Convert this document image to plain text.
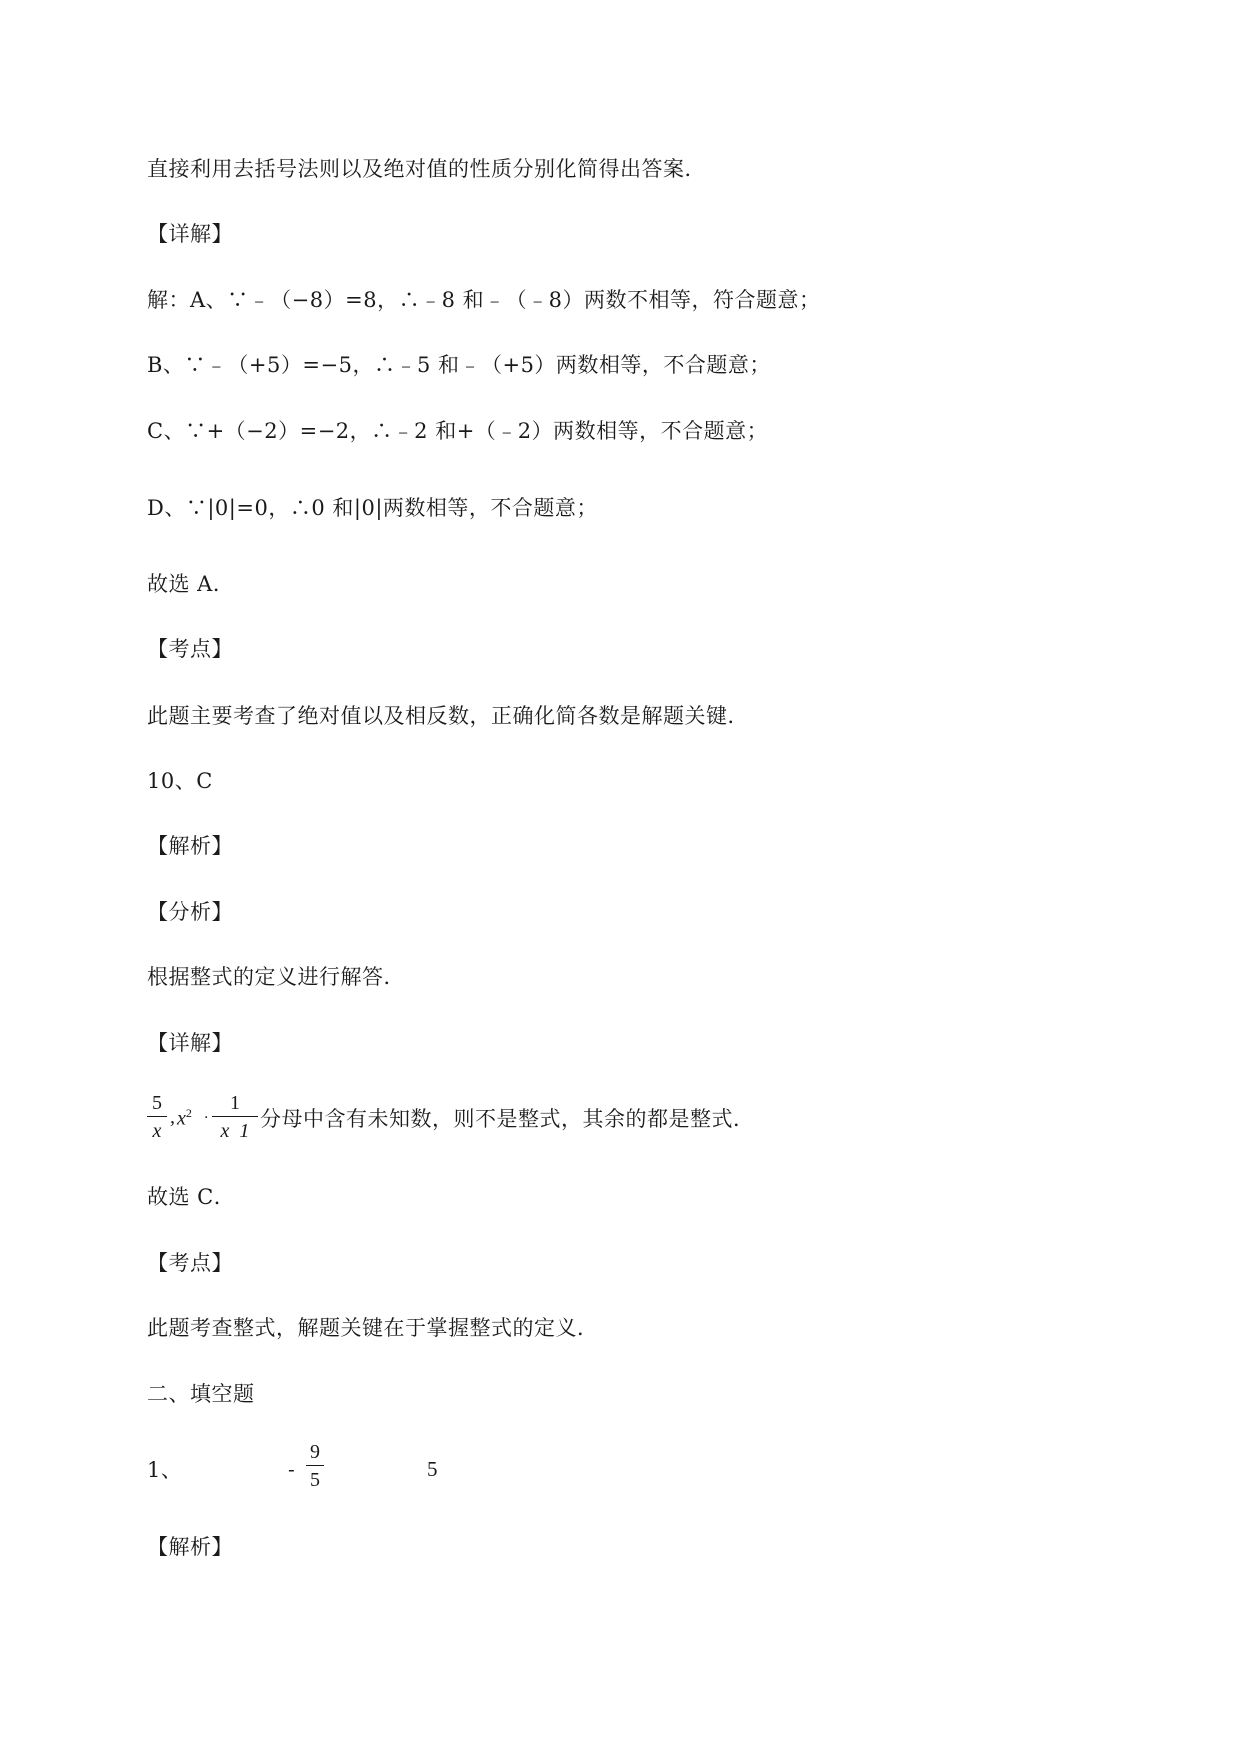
直接利用去括号法则以及绝对值的性质分别化简得出答案．
【详解】
解：A、∵﹣（−8）=8，∴﹣8 和﹣（﹣8）两数不相等，符合题意；
B、∵﹣（+5）=−5，∴﹣5 和﹣（+5）两数相等，不合题意；
C、∵+（−2）=−2，∴﹣2 和+（﹣2）两数相等，不合题意；
D、∵|0|=0，∴0 和|0|两数相等，不合题意；
故选 A．
【考点】
此题主要考查了绝对值以及相反数，正确化简各数是解题关键．
10、C
【解析】
【分析】
根据整式的定义进行解答．
【详解】
5
x
, $x^2$ ·
1
x  1 分母中含有未知数，则不是整式，其余的都是整式．
故选 C．
【考点】
此题考查整式，解题关键在于掌握整式的定义．
二、填空题
1、	-
9
5	5
【解析】
